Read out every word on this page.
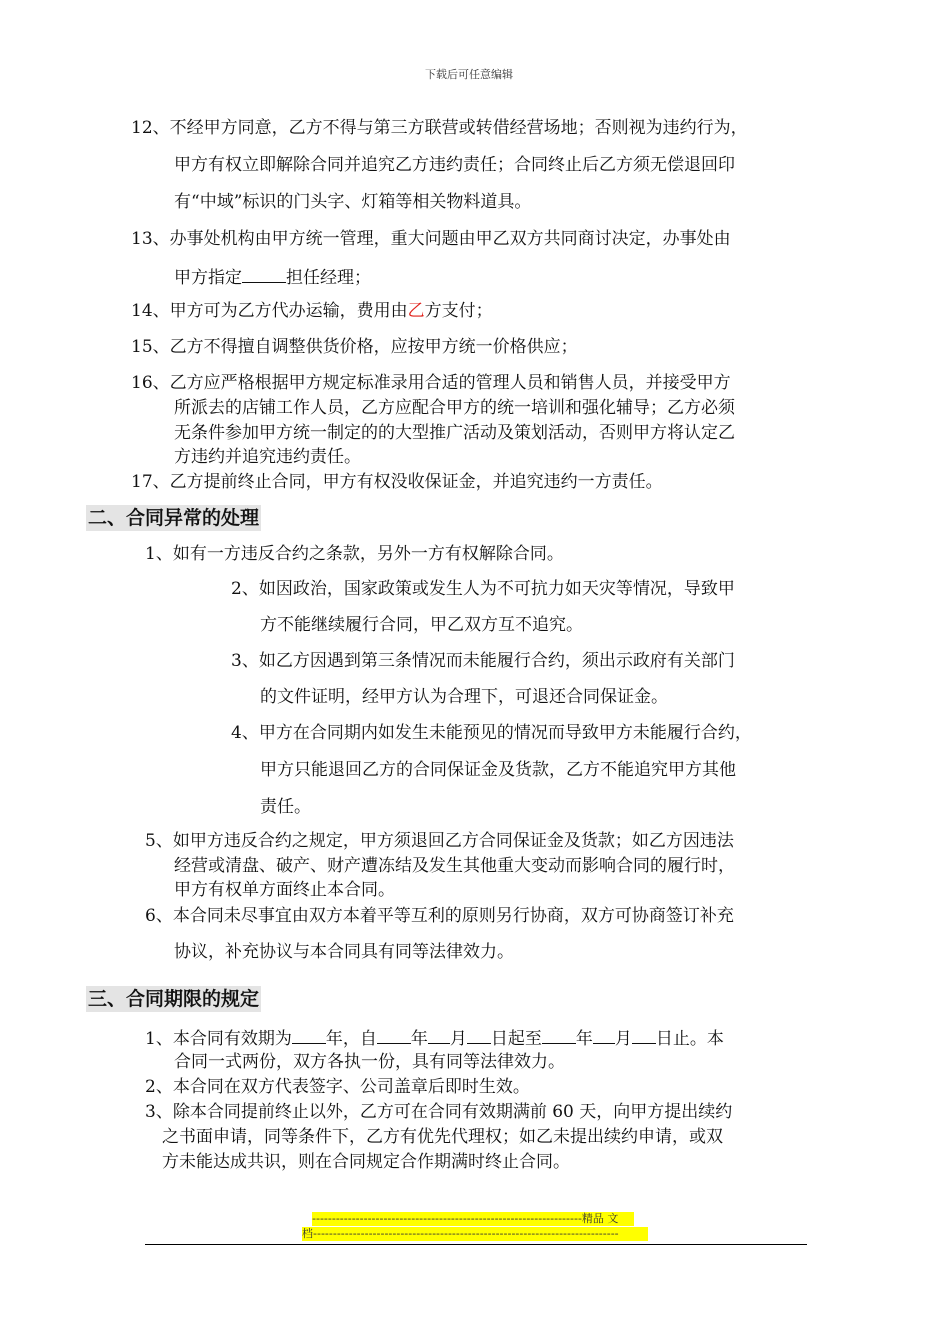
下载后可任意编辑
12、不经甲方同意，乙方不得与第三方联营或转借经营场地；否则视为违约行为，
甲方有权立即解除合同并追究乙方违约责任；合同终止后乙方须无偿退回印
有“中域”标识的门头字、灯箱等相关物料道具。
13、办事处机构由甲方统一管理，重大问题由甲乙双方共同商讨决定，办事处由
甲方指定	担任经理；
14、甲方可为乙方代办运输，费用由乙方支付；
15、乙方不得擅自调整供货价格，应按甲方统一价格供应；
16、乙方应严格根据甲方规定标准录用合适的管理人员和销售人员，并接受甲方
所派去的店铺工作人员，乙方应配合甲方的统一培训和强化辅导；乙方必须
无条件参加甲方统一制定的的大型推广活动及策划活动，否则甲方将认定乙
方违约并追究违约责任。
17、乙方提前终止合同，甲方有权没收保证金，并追究违约一方责任。
二、合同异常的处理
1、如有一方违反合约之条款，另外一方有权解除合同。
2、如因政治，国家政策或发生人为不可抗力如天灾等情况，导致甲
方不能继续履行合同，甲乙双方互不追究。
3、如乙方因遇到第三条情况而未能履行合约，须出示政府有关部门
的文件证明，经甲方认为合理下，可退还合同保证金。
4、甲方在合同期内如发生未能预见的情况而导致甲方未能履行合约，
甲方只能退回乙方的合同保证金及货款，乙方不能追究甲方其他
责任。
5、如甲方违反合约之规定，甲方须退回乙方合同保证金及货款；如乙方因违法
经营或清盘、破产、财产遭冻结及发生其他重大变动而影响合同的履行时，
甲方有权单方面终止本合同。
6、本合同未尽事宜由双方本着平等互利的原则另行协商，双方可协商签订补充
协议，补充协议与本合同具有同等法律效力。
三、合同期限的规定
1、本合同有效期为 年，自 年 月 日起至 年 月 日止。本
合同一式两份，双方各执一份，具有同等法律效力。
2、本合同在双方代表签字、公司盖章后即时生效。
3、除本合同提前终止以外，乙方可在合同有效期满前 60 天，向甲方提出续约
之书面申请，同等条件下，乙方有优先代理权；如乙未提出续约申请，或双
方未能达成共识，则在合同规定合作期满时终止合同。
--------------------------------------------------------------------精品 文
档-----------------------------------------------------------------------------
